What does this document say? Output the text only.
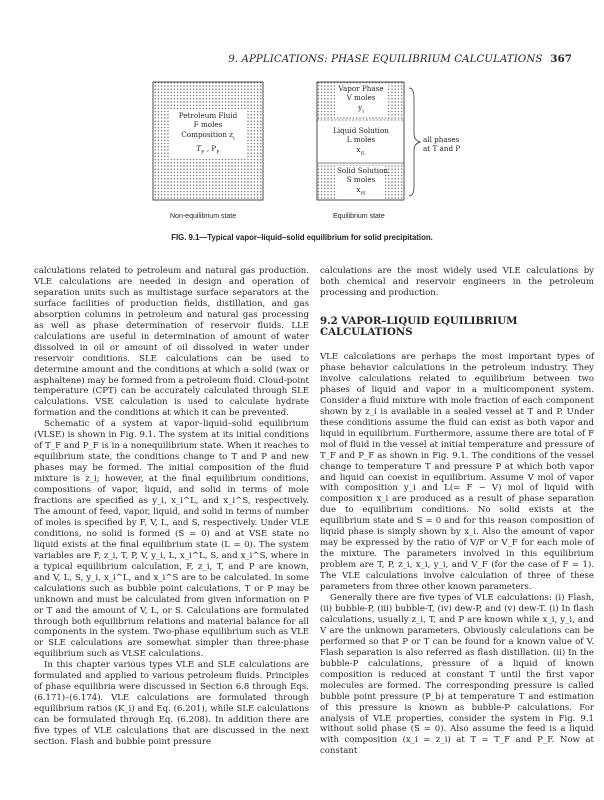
9. APPLICATIONS: PHASE EQUILIBRIUM CALCULATIONS 367
Petroleum Fluid
F moles
Composition $z_i$
$T_F$ , $P_F$
Vapor Phase
V moles
$y_i$
Liquid Solution
L moles
$x_{iL}$
Solid Solution
S moles
$x_{iS}$
all phases
at T and P
Non-equilibrium state	Equilibrium state
FIG. 9.1—Typical vapor–liquid–solid equilibrium for solid precipitation.

calculations related to petroleum and natural gas production. VLE calculations are needed in design and operation of separation units such as multistage surface separators at the surface facilities of production fields, distillation, and gas absorption columns in petroleum and natural gas processing as well as phase determination of reservoir fluids. LLE calculations are useful in determination of amount of water dissolved in oil or amount of oil dissolved in water under reservoir conditions. SLE calculations can be used to determine amount and the conditions at which a solid (wax or asphaltene) may be formed from a petroleum fluid. Cloud-point temperature (CPT) can be accurately calculated through SLE calculations. VSE calculation is used to calculate hydrate formation and the conditions at which it can be prevented.

Schematic of a system at vapor–liquid–solid equilibrium (VLSE) is shown in Fig. 9.1. The system at its initial conditions of T_F and P_F is in a nonequilibrium state. When it reaches to equilibrium state, the conditions change to T and P and new phases may be formed. The initial composition of the fluid mixture is z_i; however, at the final equilibrium conditions, compositions of vapor, liquid, and solid in terms of mole fractions are specified as y_i, x_i^L, and x_i^S, respectively. The amount of feed, vapor, liquid, and solid in terms of number of moles is specified by F, V, L, and S, respectively. Under VLE conditions, no solid is formed (S = 0) and at VSE state no liquid exists at the final equilibrium state (L = 0). The system variables are F, z_i, T, P, V, y_i, L, x_i^L, S, and x_i^S, where in a typical equilibrium calculation, F, z_i, T, and P are known, and V, L, S, y_i, x_i^L, and x_i^S are to be calculated. In some calculations such as bubble point calculations, T or P may be unknown and must be calculated from given information on P or T and the amount of V, L, or S. Calculations are formulated through both equilibrium relations and material balance for all components in the system. Two-phase equilibrium such as VLE or SLE calculations are somewhat simpler than three-phase equilibrium such as VLSE calculations.

In this chapter various types VLE and SLE calculations are formulated and applied to various petroleum fluids. Principles of phase equilibria were discussed in Section 6.8 through Eqs. (6.171)–(6.174). VLE calculations are formulated through equilibrium ratios (K_i) and Eq. (6.201), while SLE calculations can be formulated through Eq. (6.208). In addition there are five types of VLE calculations that are discussed in the next section. Flash and bubble point pressure

calculations are the most widely used VLE calculations by both chemical and reservoir engineers in the petroleum processing and production.

9.2 VAPOR–LIQUID EQUILIBRIUM
CALCULATIONS

VLE calculations are perhaps the most important types of phase behavior calculations in the petroleum industry. They involve calculations related to equilibrium between two phases of liquid and vapor in a multicomponent system. Consider a fluid mixture with mole fraction of each component shown by z_i is available in a sealed vessel at T and P. Under these conditions assume the fluid can exist as both vapor and liquid in equilibrium. Furthermore, assume there are total of F mol of fluid in the vessel at initial temperature and pressure of T_F and P_F as shown in Fig. 9.1. The conditions of the vessel change to temperature T and pressure P at which both vapor and liquid can coexist in equilibrium. Assume V mol of vapor with composition y_i and L(= F − V) mol of liquid with composition x_i are produced as a result of phase separation due to equilibrium conditions. No solid exists at the equilibrium state and S = 0 and for this reason composition of liquid phase is simply shown by x_i. Also the amount of vapor may be expressed by the ratio of V/F or V_F for each mole of the mixture. The parameters involved in this equilibrium problem are T, P, z_i, x_i, y_i, and V_F (for the case of F = 1). The VLE calculations involve calculation of three of these parameters from three other known parameters.

Generally there are five types of VLE calculations: (i) Flash, (ii) bubble-P, (iii) bubble-T, (iv) dew-P, and (v) dew-T. (i) In flash calculations, usually z_i, T, and P are known while x_i, y_i, and V are the unknown parameters. Obviously calculations can be performed so that P or T can be found for a known value of V. Flash separation is also referred as flash distillation. (ii) In the bubble-P calculations, pressure of a liquid of known composition is reduced at constant T until the first vapor molecules are formed. The corresponding pressure is called bubble point pressure (P_b) at temperature T and estimation of this pressure is known as bubble-P calculations. For analysis of VLE properties, consider the system in Fig. 9.1 without solid phase (S = 0). Also assume the feed is a liquid with composition (x_i = z_i) at T = T_F and P_F. Now at constant
